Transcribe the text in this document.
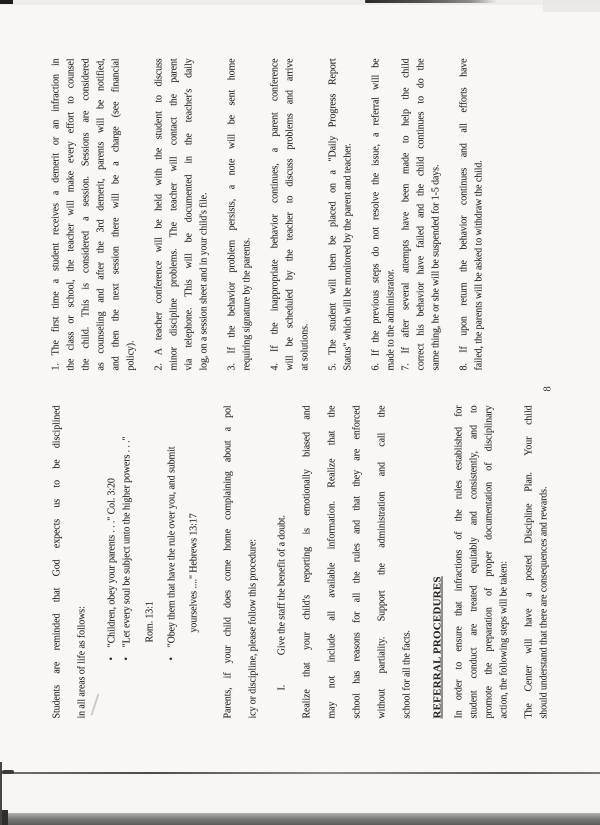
Students are reminded that God expects us to be disciplined	in all areas of life as follows:
•  "Children, obey your parents . . ." Col. 3:20 •  "Let every soul be subject unto the higher powers . . ." Rom. 13:1 •  "Obey them that have the rule over you, and submit yourselves ...." Hebrews 13:17	Parents, if your child does come home complaining about a pol	icy or discipline, please follow this procedure:	I.   Give the staff the benefit of a doubt.	Realize that your child's reporting is emotionally biased and	may not include all available information. Realize that the	school has reasons for all the rules and that they are enforced	without partiality. Support the administration and call the	school for all the facts.	REFERRAL PROCEDURES In order to ensure that infractions of the rules established for student conduct are treated equitably and consistently, and to promote the preparation of proper documentation of disciplinary action, the following steps will be taken: The Center will have a posted Discipline Plan.  Your child should understand that there are consequences and rewards.
1. The first time a student receives a demerit or an infraction in the class or school, the teacher will make every effort to counsel the child. This is considered a session. Sessions are considered as counseling and after the 3rd demerit, parents will be notified, and then the next session there will be a charge (see financial policy). 2. A teacher conference will be held with the student to discuss minor discipline problems. The teacher will contact the parent via telephone. This will be documented in the teacher's daily log, on a session sheet and in your child's file. 3. If the behavior problem persists, a note will be sent home requiring signature by the parents. 4. If the inappropriate behavior continues, a parent conference will be scheduled by the teacher to discuss problems and arrive at solutions. 5. The student will then be placed on a "Daily Progress Report Status" which will be monitored by the parent and teacher. 6. If the previous steps do not resolve the issue, a referral will be made to the administrator. 7. If after several attempts have been made to help the child correct his behavior have failed and the child continues to do the same thing, he or she will be suspended for 1-5 days. 8. If upon return the behavior continues and all efforts have failed, the parents will be asked to withdraw the child.
8
